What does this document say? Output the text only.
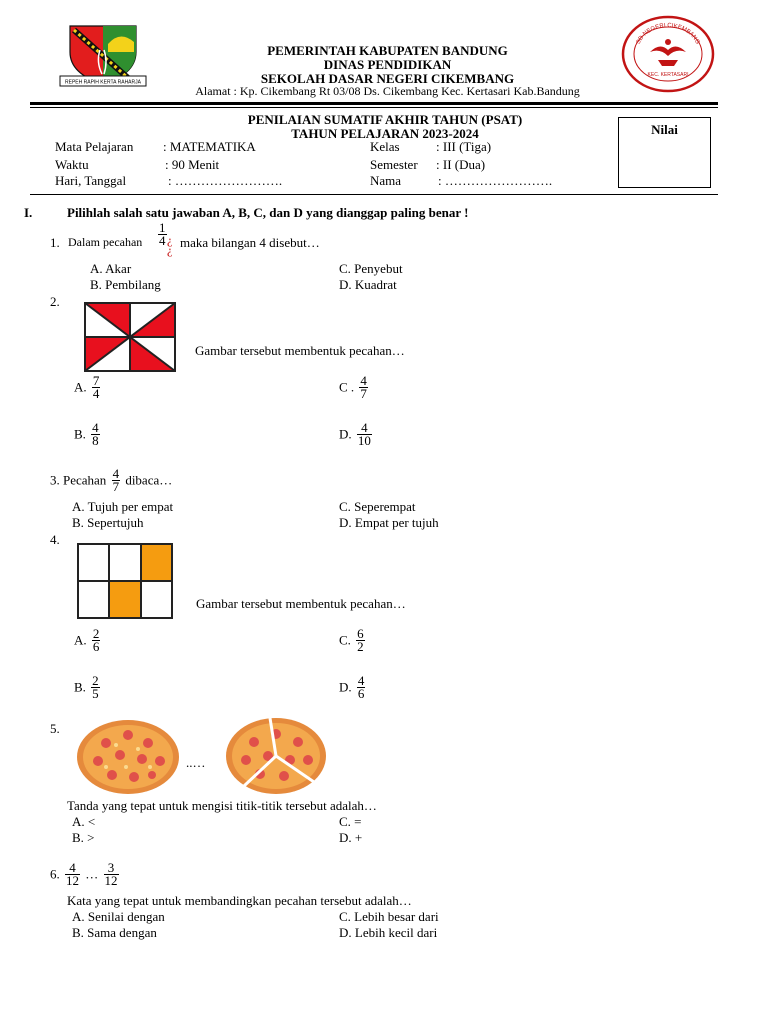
REPEH RAPIH KERTA RAHARJA
PEMERINTAH KABUPATEN BANDUNG
DINAS PENDIDIKAN
SEKOLAH DASAR NEGERI CIKEMBANG
Alamat : Kp. Cikembang Rt 03/08 Ds. Cikembang Kec. Kertasari Kab.Bandung
SD NEGERI CIKEMBANG
KEC. KERTASARI
PENILAIAN SUMATIF AKHIR TAHUN (PSAT)
TAHUN PELAJARAN 2023-2024	Nilai
Mata Pelajaran : MATEMATIKA
Waktu	: 90 Menit
Hari, Tanggal	: …………………….
Kelas	: III (Tiga)
Semester : II (Dua)
Nama	: …………………….
I.	Pilihlah salah satu jawaban A, B, C, dan D yang dianggap paling benar !
1. Dalam pecahan $\frac{1}{4}$ ¿ ¿ maka bilangan 4 disebut…
A. Akar
B. Pembilang
C. Penyebut
D. Kuadrat
2.
Gambar tersebut membentuk pecahan…
A. $\frac{7}{4}$	C . $\frac{4}{7}$
B. $\frac{4}{8}$	D. $\frac{4}{10}$
3. Pecahan $\frac{4}{7}$ dibaca…
A. Tujuh per empat
B. Sepertujuh
C. Seperempat
D. Empat per tujuh
4.
Gambar tersebut membentuk pecahan…
A. $\frac{2}{6}$	C. $\frac{6}{2}$
B. $\frac{2}{5}$	D. $\frac{4}{6}$
5.
..…
Tanda yang tepat untuk mengisi titik-titik tersebut adalah…
A. <
B. >
C. =
D. +
6. $\frac{4}{12}$ … $\frac{3}{12}$
Kata yang tepat untuk membandingkan pecahan tersebut adalah…
A. Senilai dengan
B. Sama dengan
C. Lebih besar dari
D. Lebih kecil dari
